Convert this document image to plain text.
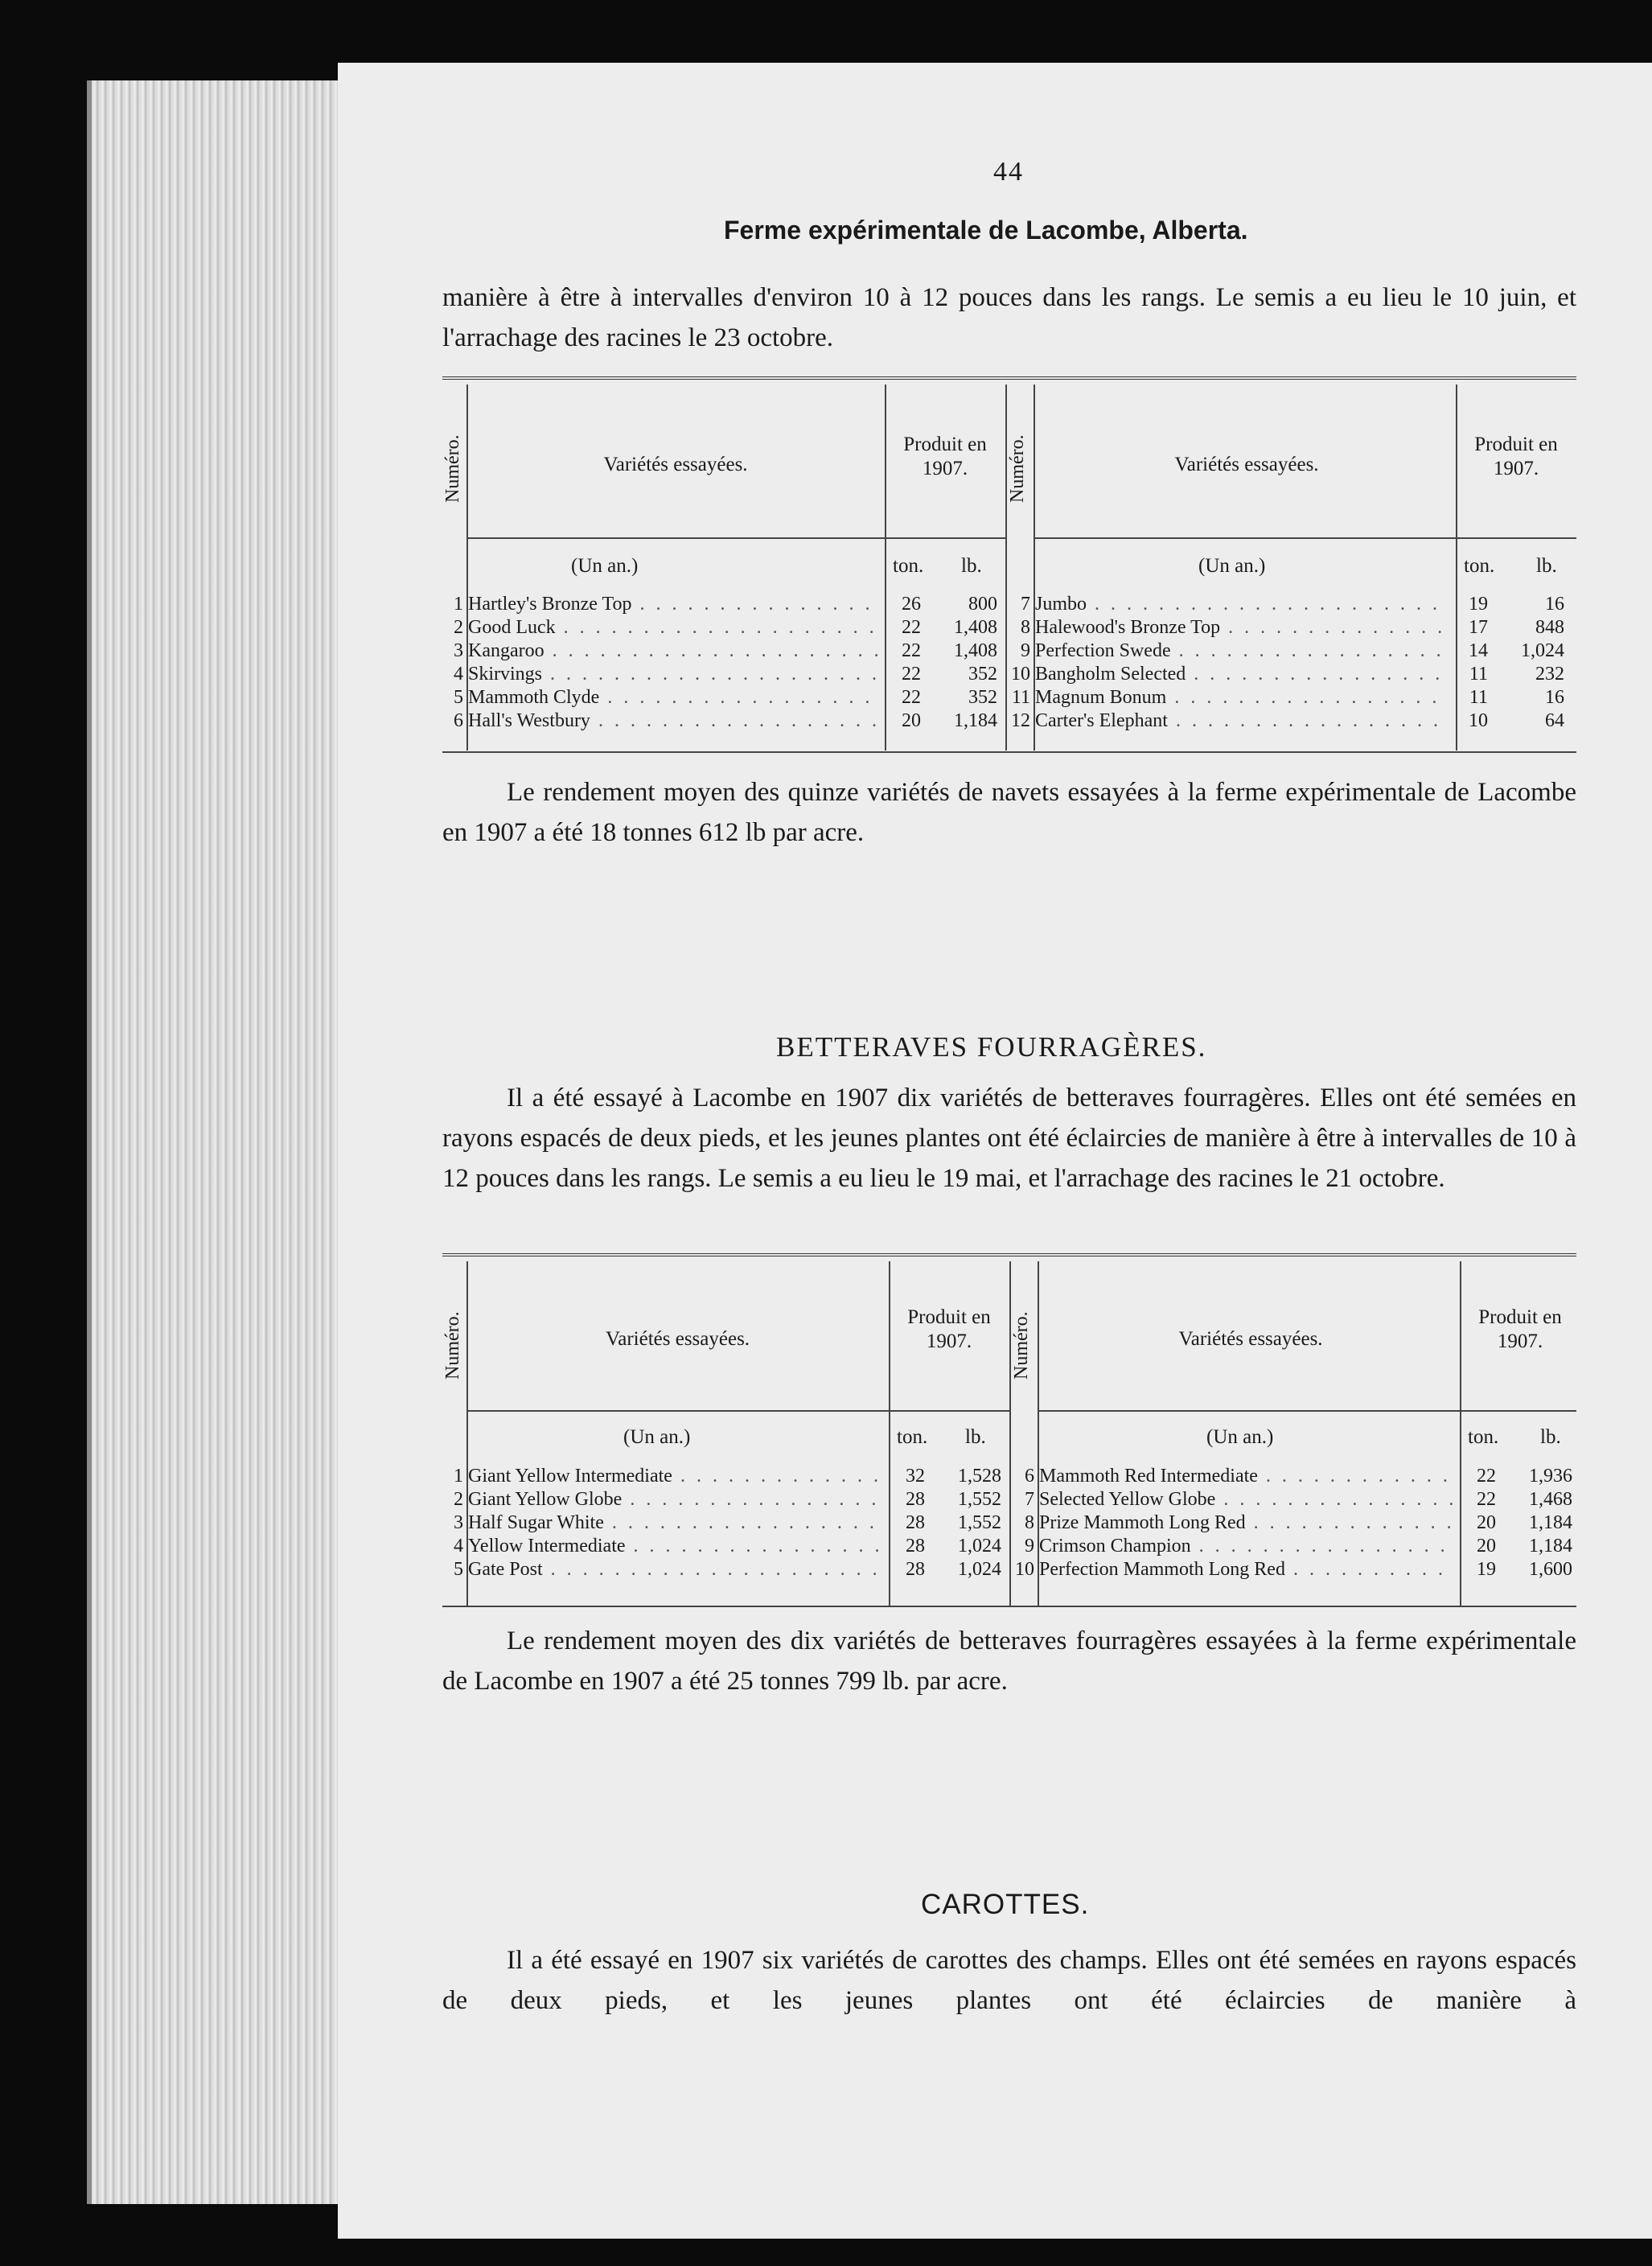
44
Ferme expérimentale de Lacombe, Alberta.
manière à être à intervalles d'environ 10 à 12 pouces dans les rangs. Le semis a eu lieu le 10 juin, et l'arrachage des racines le 23 octobre.
Numéro.	Variétés essayées.
Produit en 1907.	Numéro.	Variétés essayées.
Produit en 1907.
(Un an.)	ton. lb.	(Un an.)	ton. lb.
1 Hartley's Bronze Top . . .	26	800
2 Good Luck . . .	22	1,408
3 Kangaroo . . .	22	1,408
4 Skirvings . . .	22	352
5 Mammoth Clyde . . .	22	352
6 Hall's Westbury . . .	20	1,184
7 Jumbo . . .	19	16
8 Halewood's Bronze Top . . .	17	848
9 Perfection Swede . . .	14	1,024
10 Bangholm Selected . . .	11	232
11 Magnum Bonum . . .	11	16
12 Carter's Elephant . . .	10	64
Le rendement moyen des quinze variétés de navets essayées à la ferme expérimentale de Lacombe en 1907 a été 18 tonnes 612 lb par acre.
BETTERAVES FOURRAGÈRES.
Il a été essayé à Lacombe en 1907 dix variétés de betteraves fourragères. Elles ont été semées en rayons espacés de deux pieds, et les jeunes plantes ont été éclaircies de manière à être à intervalles de 10 à 12 pouces dans les rangs. Le semis a eu lieu le 19 mai, et l'arrachage des racines le 21 octobre.
Numéro.	Variétés essayées.
Produit en 1907.	Numéro.	Variétés essayées.
Produit en 1907.
(Un an.)	ton. lb.	(Un an.)	ton. lb.
1 Giant Yellow Intermediate . . .	32	1,528
2 Giant Yellow Globe . . .	28	1,552
3 Half Sugar White . . .	28	1,552
4 Yellow Intermediate . . .	28	1,024
5 Gate Post . . .	28	1,024
6 Mammoth Red Intermediate . . .	22	1,936
7 Selected Yellow Globe . . .	22	1,468
8 Prize Mammoth Long Red . . .	20	1,184
9 Crimson Champion . . .	20	1,184
10 Perfection Mammoth Long Red . . .	19	1,600
Le rendement moyen des dix variétés de betteraves fourragères essayées à la ferme expérimentale de Lacombe en 1907 a été 25 tonnes 799 lb. par acre.
CAROTTES.
Il a été essayé en 1907 six variétés de carottes des champs. Elles ont été semées en rayons espacés de deux pieds, et les jeunes plantes ont été éclaircies de manière à
